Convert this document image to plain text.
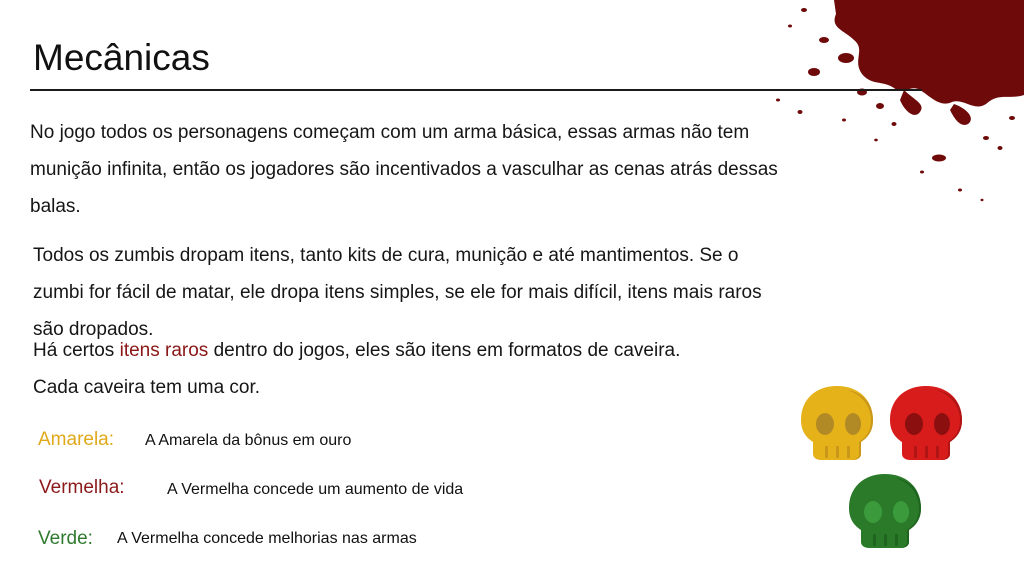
Mecânicas

No jogo todos os personagens começam com um arma básica, essas armas não tem munição infinita, então os jogadores são incentivados a vasculhar as cenas atrás dessas balas.

Todos os zumbis dropam itens, tanto kits de cura, munição e até mantimentos. Se o zumbi for fácil de matar, ele dropa itens simples, se ele for mais difícil, itens mais raros são dropados.

Há certos itens raros dentro do jogos, eles são itens em formatos de caveira. Cada caveira tem uma cor.

Amarela: A Amarela da bônus em ouro
Vermelha:	A Vermelha concede um aumento de vida
Verde: A Vermelha concede melhorias nas armas
